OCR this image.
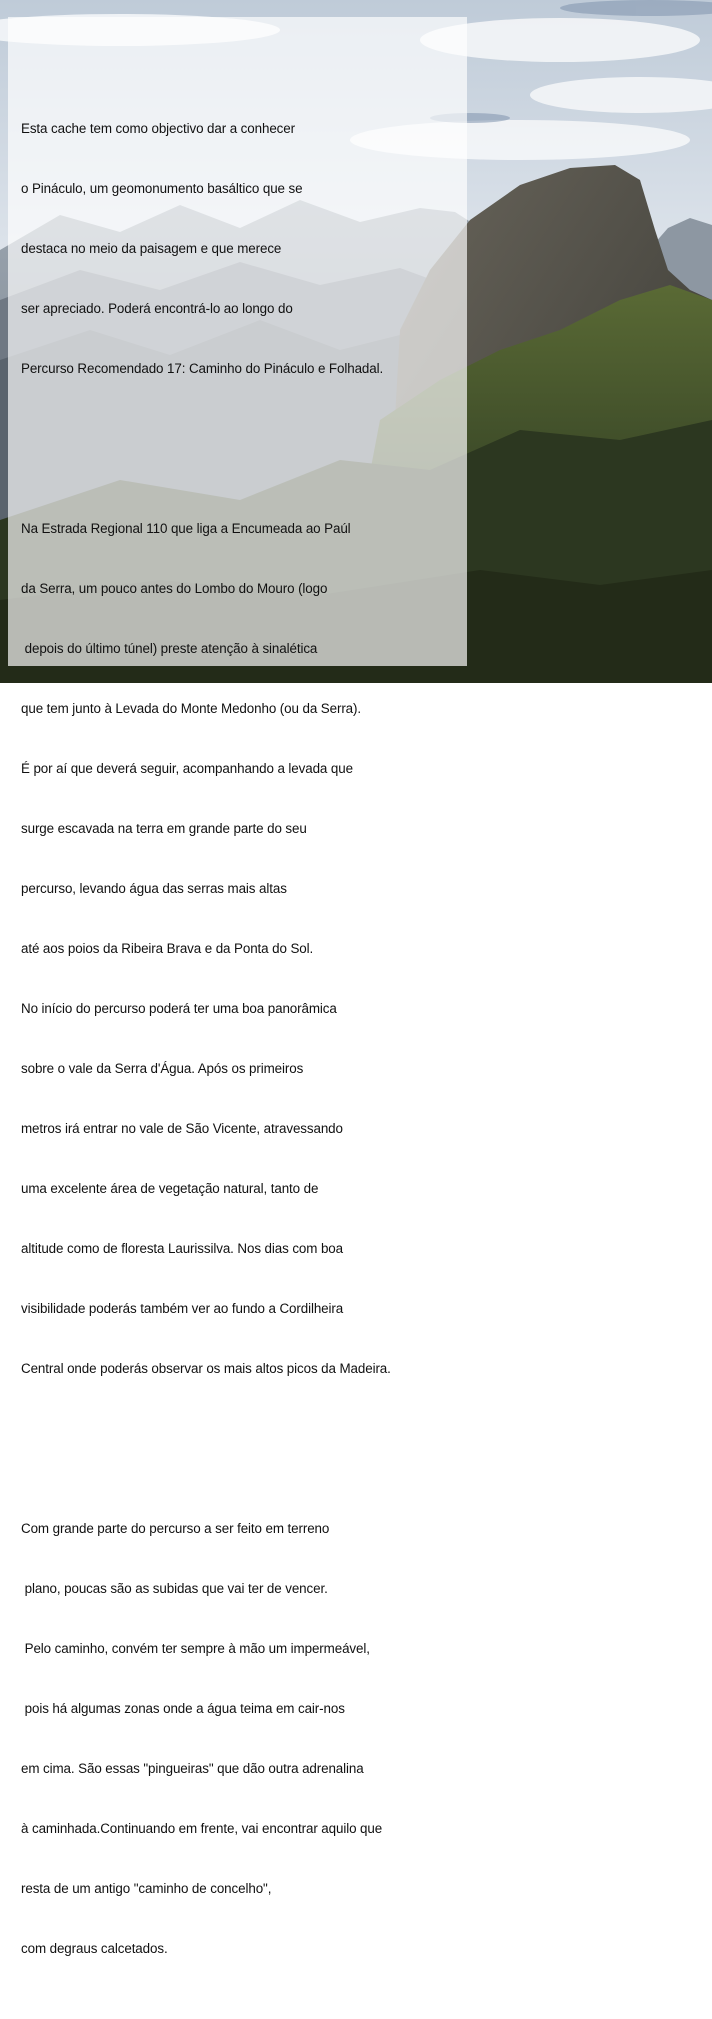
Esta cache tem como objectivo dar a conhecer

o Pináculo, um geomonumento basáltico que se

destaca no meio da paisagem e que merece

ser apreciado. Poderá encontrá-lo ao longo do

Percurso Recomendado 17: Caminho do Pináculo e Folhadal.

Na Estrada Regional 110 que liga a Encumeada ao Paúl

da Serra, um pouco antes do Lombo do Mouro (logo

depois do último túnel) preste atenção à sinalética

que tem junto à Levada do Monte Medonho (ou da Serra).

É por aí que deverá seguir, acompanhando a levada que

surge escavada na terra em grande parte do seu

percurso, levando água das serras mais altas

até aos poios da Ribeira Brava e da Ponta do Sol.

No início do percurso poderá ter uma boa panorâmica

sobre o vale da Serra d'Água. Após os primeiros

metros irá entrar no vale de São Vicente, atravessando

uma excelente área de vegetação natural, tanto de

altitude como de floresta Laurissilva. Nos dias com boa

visibilidade poderás também ver ao fundo a Cordilheira

Central onde poderás observar os mais altos picos da Madeira.

Com grande parte do percurso a ser feito em terreno

plano, poucas são as subidas que vai ter de vencer.

Pelo caminho, convém ter sempre à mão um impermeável,

pois há algumas zonas onde a água teima em cair-nos

em cima. São essas "pingueiras" que dão outra adrenalina

à caminhada.Continuando em frente, vai encontrar aquilo que

resta de um antigo "caminho de concelho",

com degraus calcetados.
